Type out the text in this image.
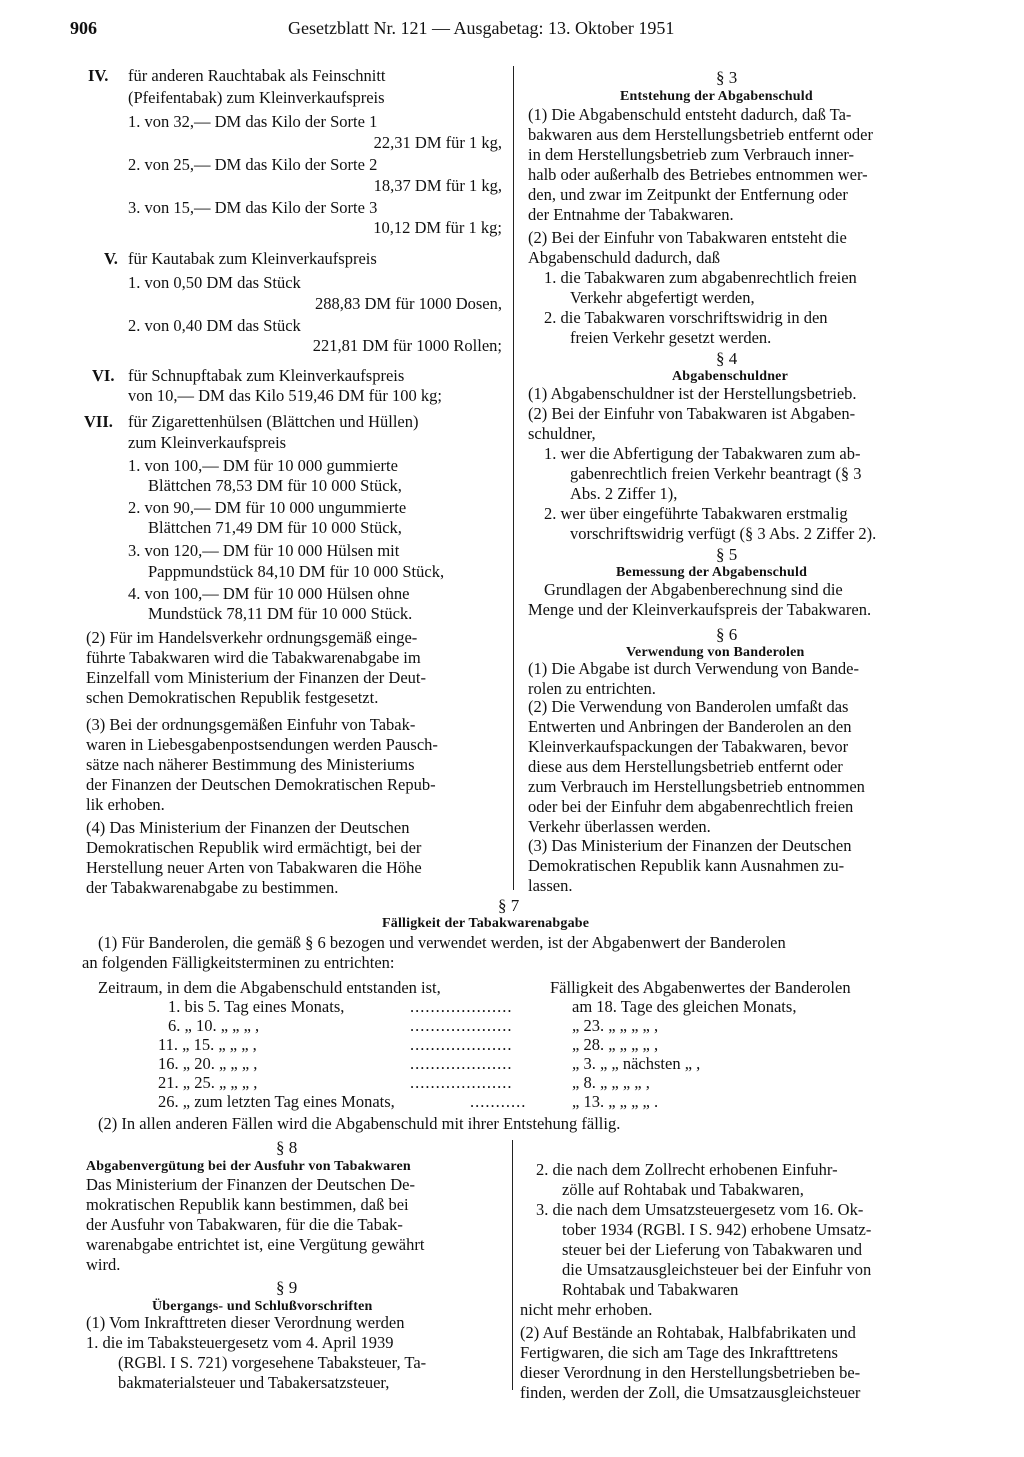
906	Gesetzblatt Nr. 121 — Ausgabetag: 13. Oktober 1951
IV. für anderen Rauchtabak als Feinschnitt
(Pfeifentabak) zum Kleinverkaufspreis
1. von 32,— DM das Kilo der Sorte 1
22,31 DM für 1 kg,
2. von 25,— DM das Kilo der Sorte 2
18,37 DM für 1 kg,
3. von 15,— DM das Kilo der Sorte 3
10,12 DM für 1 kg;
V. für Kautabak zum Kleinverkaufspreis
1. von 0,50 DM das Stück
288,83 DM für 1000 Dosen,
2. von 0,40 DM das Stück
221,81 DM für 1000 Rollen;
VI. für Schnupftabak zum Kleinverkaufspreis
von 10,— DM das Kilo 519,46 DM für 100 kg;
VII. für Zigarettenhülsen (Blättchen und Hüllen)
zum Kleinverkaufspreis
1. von 100,— DM für 10 000 gummierte
Blättchen 78,53 DM für 10 000 Stück,
2. von 90,— DM für 10 000 ungummierte
Blättchen 71,49 DM für 10 000 Stück,
3. von 120,— DM für 10 000 Hülsen mit
Pappmundstück 84,10 DM für 10 000 Stück,
4. von 100,— DM für 10 000 Hülsen ohne
Mundstück 78,11 DM für 10 000 Stück.
(2) Für im Handelsverkehr ordnungsgemäß einge-
führte Tabakwaren wird die Tabakwarenabgabe im
Einzelfall vom Ministerium der Finanzen der Deut-
schen Demokratischen Republik festgesetzt.
(3) Bei der ordnungsgemäßen Einfuhr von Tabak-
waren in Liebesgabenpostsendungen werden Pausch-
sätze nach näherer Bestimmung des Ministeriums
der Finanzen der Deutschen Demokratischen Repub-
lik erhoben.
(4) Das Ministerium der Finanzen der Deutschen
Demokratischen Republik wird ermächtigt, bei der
Herstellung neuer Arten von Tabakwaren die Höhe
der Tabakwarenabgabe zu bestimmen.
§ 3
Entstehung der Abgabenschuld
(1) Die Abgabenschuld entsteht dadurch, daß Ta-
bakwaren aus dem Herstellungsbetrieb entfernt oder
in dem Herstellungsbetrieb zum Verbrauch inner-
halb oder außerhalb des Betriebes entnommen wer-
den, und zwar im Zeitpunkt der Entfernung oder
der Entnahme der Tabakwaren.
(2) Bei der Einfuhr von Tabakwaren entsteht die
Abgabenschuld dadurch, daß
1. die Tabakwaren zum abgabenrechtlich freien
Verkehr abgefertigt werden,
2. die Tabakwaren vorschriftswidrig in den
freien Verkehr gesetzt werden.
§ 4
Abgabenschuldner
(1) Abgabenschuldner ist der Herstellungsbetrieb.
(2) Bei der Einfuhr von Tabakwaren ist Abgaben-
schuldner,
1. wer die Abfertigung der Tabakwaren zum ab-
gabenrechtlich freien Verkehr beantragt (§ 3
Abs. 2 Ziffer 1),
2. wer über eingeführte Tabakwaren erstmalig
vorschriftswidrig verfügt (§ 3 Abs. 2 Ziffer 2).
§ 5
Bemessung der Abgabenschuld
Grundlagen der Abgabenberechnung sind die
Menge und der Kleinverkaufspreis der Tabakwaren.
§ 6
Verwendung von Banderolen
(1) Die Abgabe ist durch Verwendung von Bande-
rolen zu entrichten.
(2) Die Verwendung von Banderolen umfaßt das
Entwerten und Anbringen der Banderolen an den
Kleinverkaufspackungen der Tabakwaren, bevor
diese aus dem Herstellungsbetrieb entfernt oder
zum Verbrauch im Herstellungsbetrieb entnommen
oder bei der Einfuhr dem abgabenrechtlich freien
Verkehr überlassen werden.
(3) Das Ministerium der Finanzen der Deutschen
Demokratischen Republik kann Ausnahmen zu-
lassen.
§ 7
Fälligkeit der Tabakwarenabgabe
(1) Für Banderolen, die gemäß § 6 bezogen und verwendet werden, ist der Abgabenwert der Banderolen
an folgenden Fälligkeitsterminen zu entrichten:
Zeitraum, in dem die Abgabenschuld entstanden ist,	Fälligkeit des Abgabenwertes der Banderolen
1. bis 5. Tag eines Monats,	....................	am 18. Tage des gleichen Monats,
6. „ 10. „ „ „ ,	....................	„ 23. „ „ „ „ ,
11. „ 15. „ „ „ ,	....................	„ 28. „ „ „ „ ,
16. „ 20. „ „ „ ,	....................	„ 3. „ „ nächsten „ ,
21. „ 25. „ „ „ ,	....................	„ 8. „ „ „ „ ,
26. „ zum letzten Tag eines Monats,	...........	„ 13. „ „ „ „ .
(2) In allen anderen Fällen wird die Abgabenschuld mit ihrer Entstehung fällig.
§ 8
Abgabenvergütung bei der Ausfuhr von Tabakwaren
Das Ministerium der Finanzen der Deutschen De-
mokratischen Republik kann bestimmen, daß bei
der Ausfuhr von Tabakwaren, für die die Tabak-
warenabgabe entrichtet ist, eine Vergütung gewährt
wird.
§ 9
Übergangs- und Schlußvorschriften
(1) Vom Inkrafttreten dieser Verordnung werden
1. die im Tabaksteuergesetz vom 4. April 1939
(RGBl. I S. 721) vorgesehene Tabaksteuer, Ta-
bakmaterialsteuer und Tabakersatzsteuer,
2. die nach dem Zollrecht erhobenen Einfuhr-
zölle auf Rohtabak und Tabakwaren,
3. die nach dem Umsatzsteuergesetz vom 16. Ok-
tober 1934 (RGBl. I S. 942) erhobene Umsatz-
steuer bei der Lieferung von Tabakwaren und
die Umsatzausgleichsteuer bei der Einfuhr von
Rohtabak und Tabakwaren
nicht mehr erhoben.
(2) Auf Bestände an Rohtabak, Halbfabrikaten und
Fertigwaren, die sich am Tage des Inkrafttretens
dieser Verordnung in den Herstellungsbetrieben be-
finden, werden der Zoll, die Umsatzausgleichsteuer
